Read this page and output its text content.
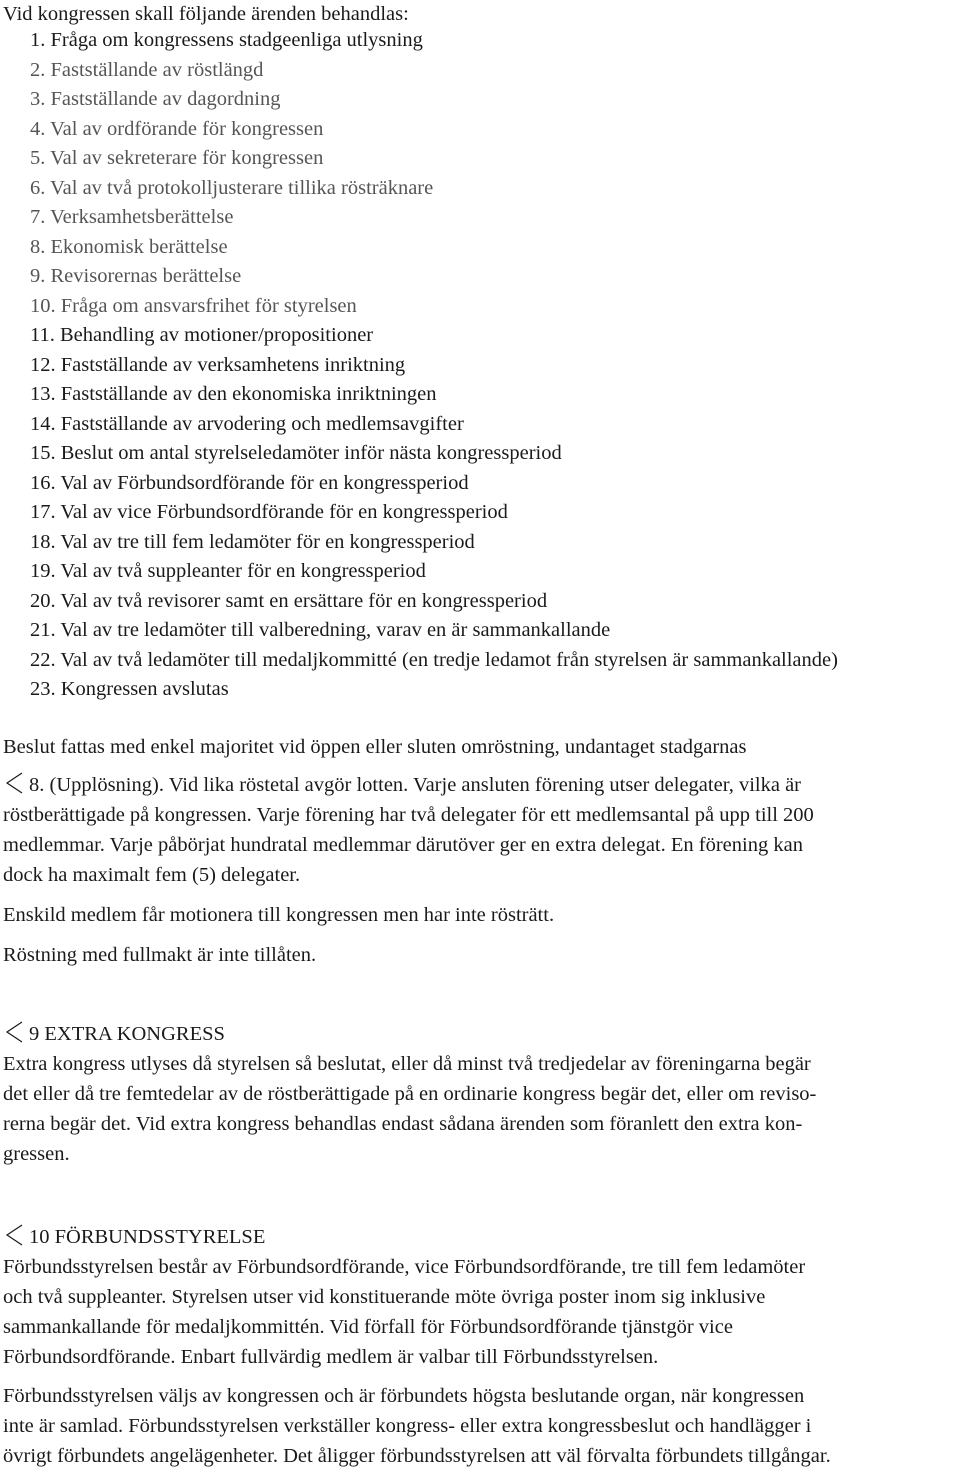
Vid kongressen skall följande ärenden behandlas:
1. Fråga om kongressens stadgeenliga utlysning
2. Fastställande av röstlängd
3. Fastställande av dagordning
4. Val av ordförande för kongressen
5. Val av sekreterare för kongressen
6. Val av två protokolljusterare tillika rösträknare
7. Verksamhetsberättelse
8. Ekonomisk berättelse
9. Revisorernas berättelse
10. Fråga om ansvarsfrihet för styrelsen
11. Behandling av motioner/propositioner
12. Fastställande av verksamhetens inriktning
13. Fastställande av den ekonomiska inriktningen
14. Fastställande av arvodering och medlemsavgifter
15. Beslut om antal styrelseledamöter inför nästa kongressperiod
16. Val av Förbundsordförande för en kongressperiod
17. Val av vice Förbundsordförande för en kongressperiod
18. Val av tre till fem ledamöter för en kongressperiod
19. Val av två suppleanter för en kongressperiod
20. Val av två revisorer samt en ersättare för en kongressperiod
21. Val av tre ledamöter till valberedning, varav en är sammankallande
22. Val av två ledamöter till medaljkommitté (en tredje ledamot från styrelsen är sammankallande)
23. Kongressen avslutas
Beslut fattas med enkel majoritet vid öppen eller sluten omröstning, undantaget stadgarnas
8. (Upplösning). Vid lika röstetal avgör lotten. Varje ansluten förening utser delegater, vilka är
röstberättigade på kongressen. Varje förening har två delegater för ett medlemsantal på upp till 200
medlemmar. Varje påbörjat hundratal medlemmar därutöver ger en extra delegat. En förening kan
dock ha maximalt fem (5) delegater.
Enskild medlem får motionera till kongressen men har inte rösträtt.
Röstning med fullmakt är inte tillåten.
9 EXTRA KONGRESS
Extra kongress utlyses då styrelsen så beslutat, eller då minst två tredjedelar av föreningarna begär
det eller då tre femtedelar av de röstberättigade på en ordinarie kongress begär det, eller om reviso-
rerna begär det. Vid extra kongress behandlas endast sådana ärenden som föranlett den extra kon-
gressen.
10 FÖRBUNDSSTYRELSE
Förbundsstyrelsen består av Förbundsordförande, vice Förbundsordförande, tre till fem ledamöter
och två suppleanter. Styrelsen utser vid konstituerande möte övriga poster inom sig inklusive
sammankallande för medaljkommittén. Vid förfall för Förbundsordförande tjänstgör vice
Förbundsordförande. Enbart fullvärdig medlem är valbar till Förbundsstyrelsen.
Förbundsstyrelsen väljs av kongressen och är förbundets högsta beslutande organ, när kongressen
inte är samlad. Förbundsstyrelsen verkställer kongress- eller extra kongressbeslut och handlägger i
övrigt förbundets angelägenheter. Det åligger förbundsstyrelsen att väl förvalta förbundets tillgångar.
